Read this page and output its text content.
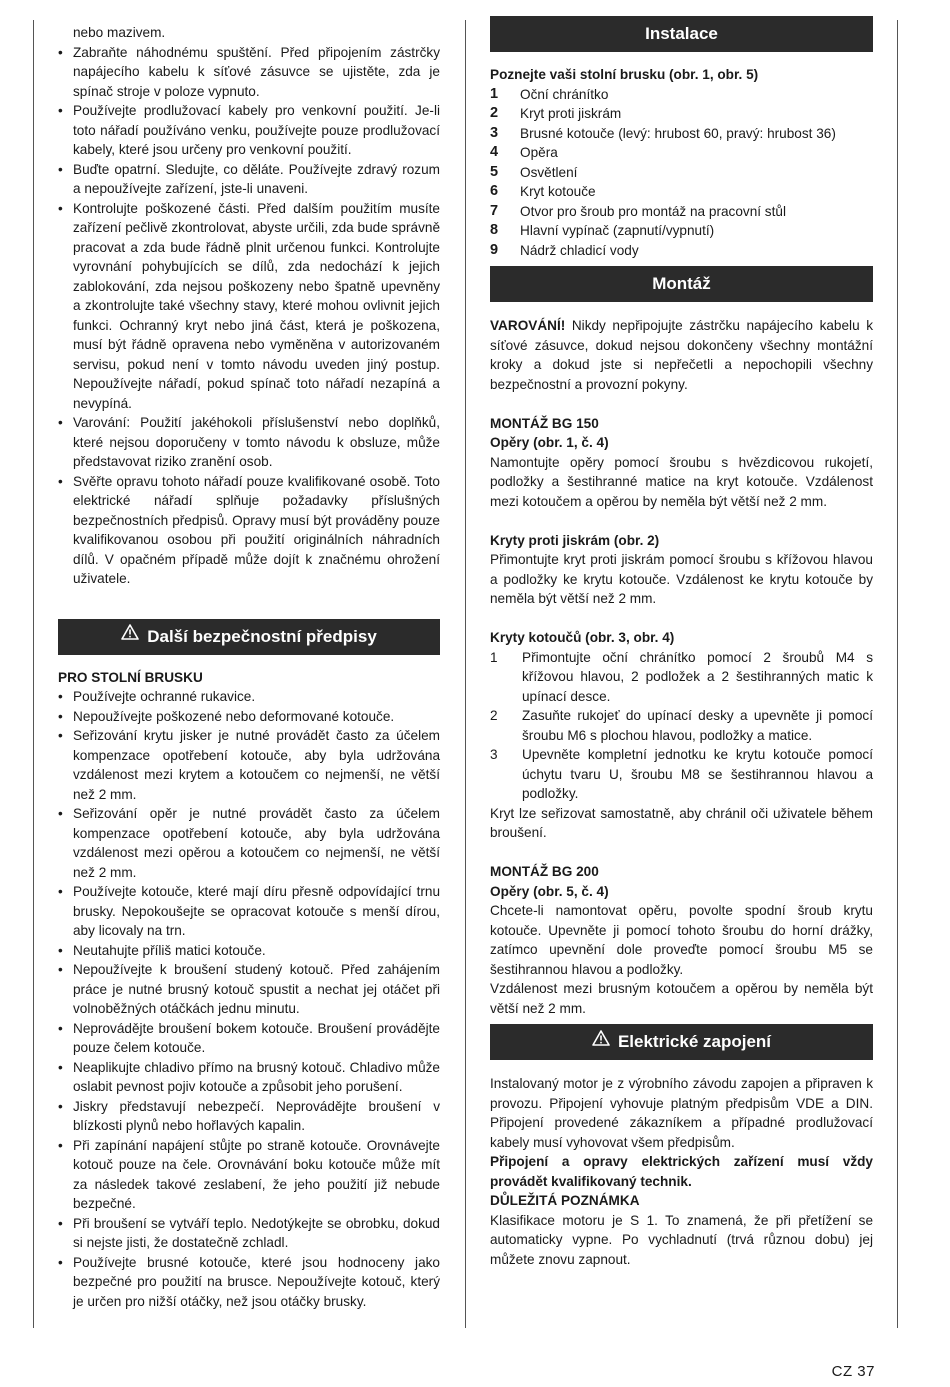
nebo mazivem.
• Zabraňte náhodnému spuštění. Před připojením zástrčky napájecího kabelu k síťové zásuvce se ujistěte, zda je spínač stroje v poloze vypnuto.
• Používejte prodlužovací kabely pro venkovní použití. Je-li toto nářadí používáno venku, používejte pouze prodlužovací kabely, které jsou určeny pro venkovní použití.
• Buďte opatrní. Sledujte, co děláte. Používejte zdravý rozum a nepoužívejte zařízení, jste-li unaveni.
• Kontrolujte poškozené části. Před dalším použitím musíte zařízení pečlivě zkontrolovat, abyste určili, zda bude správně pracovat a zda bude řádně plnit určenou funkci. Kontrolujte vyrovnání pohybujících se dílů, zda nedochází k jejich zablokování, zda nejsou poškozeny nebo špatně upevněny a zkontrolujte také všechny stavy, které mohou ovlivnit jejich funkci. Ochranný kryt nebo jiná část, která je poškozena, musí být řádně opravena nebo vyměněna v autorizovaném servisu, pokud není v tomto návodu uveden jiný postup. Nepoužívejte nářadí, pokud spínač toto nářadí nezapíná a nevypíná.
• Varování: Použití jakéhokoli příslušenství nebo doplňků, které nejsou doporučeny v tomto návodu k obsluze, může představovat riziko zranění osob.
• Svěřte opravu tohoto nářadí pouze kvalifikované osobě. Toto elektrické nářadí splňuje požadavky příslušných bezpečnostních předpisů. Opravy musí být prováděny pouze kvalifikovanou osobou při použití originálních náhradních dílů. V opačném případě může dojít k značnému ohrožení uživatele.
Další bezpečnostní předpisy
PRO STOLNÍ BRUSKU
• Používejte ochranné rukavice.
• Nepoužívejte poškozené nebo deformované kotouče.
• Seřizování krytu jisker je nutné provádět často za účelem kompenzace opotřebení kotouče, aby byla udržována vzdálenost mezi krytem a kotoučem co nejmenší, ne větší než 2 mm.
• Seřizování opěr je nutné provádět často za účelem kompenzace opotřebení kotouče, aby byla udržována vzdálenost mezi opěrou a kotoučem co nejmenší, ne větší než 2 mm.
• Používejte kotouče, které mají díru přesně odpovídající trnu brusky. Nepokoušejte se opracovat kotouče s menší dírou, aby licovaly na trn.
• Neutahujte příliš matici kotouče.
• Nepoužívejte k broušení studený kotouč. Před zahájením práce je nutné brusný kotouč spustit a nechat jej otáčet při volnoběžných otáčkách jednu minutu.
• Neprovádějte broušení bokem kotouče. Broušení provádějte pouze čelem kotouče.
• Neaplikujte chladivo přímo na brusný kotouč. Chladivo může oslabit pevnost pojiv kotouče a způsobit jeho porušení.
• Jiskry představují nebezpečí. Neprovádějte broušení v blízkosti plynů nebo hořlavých kapalin.
• Při zapínání napájení stůjte po straně kotouče. Orovnávejte kotouč pouze na čele. Orovnávání boku kotouče může mít za následek takové zeslabení, že jeho použití již nebude bezpečné.
• Při broušení se vytváří teplo. Nedotýkejte se obrobku, dokud si nejste jisti, že dostatečně zchladl.
• Používejte brusné kotouče, které jsou hodnoceny jako bezpečné pro použití na brusce. Nepoužívejte kotouč, který je určen pro nižší otáčky, než jsou otáčky brusky.
Instalace
Poznejte vaši stolní brusku (obr. 1, obr. 5)
1	Oční chránítko
2	Kryt proti jiskrám
3	Brusné kotouče (levý: hrubost 60, pravý: hrubost 36)
4	Opěra
5	Osvětlení
6	Kryt kotouče
7	Otvor pro šroub pro montáž na pracovní stůl
8	Hlavní vypínač (zapnutí/vypnutí)
9	Nádrž chladicí vody
Montáž

VAROVÁNÍ! Nikdy nepřipojujte zástrčku napájecího kabelu k síťové zásuvce, dokud nejsou dokončeny všechny montážní kroky a dokud jste si nepřečetli a nepochopili všechny bezpečnostní a provozní pokyny.

MONTÁŽ BG 150
Opěry (obr. 1, č. 4)

Namontujte opěry pomocí šroubu s hvězdicovou rukojetí, podložky a šestihranné matice na kryt kotouče. Vzdálenost mezi kotoučem a opěrou by neměla být větší než 2 mm.

Kryty proti jiskrám (obr. 2)

Přimontujte kryt proti jiskrám pomocí šroubu s křížovou hlavou a podložky ke krytu kotouče. Vzdálenost ke krytu kotouče by neměla být větší než 2 mm.

Kryty kotoučů (obr. 3, obr. 4)
1	Přimontujte oční chránítko pomocí 2 šroubů M4 s křížovou hlavou, 2 podložek a 2 šestihranných matic k upínací desce.
2	Zasuňte rukojeť do upínací desky a upevněte ji pomocí šroubu M6 s plochou hlavou, podložky a matice.
3	Upevněte kompletní jednotku ke krytu kotouče pomocí úchytu tvaru U, šroubu M8 se šestihrannou hlavou a podložky.

Kryt lze seřizovat samostatně, aby chránil oči uživatele během broušení.

MONTÁŽ BG 200
Opěry (obr. 5, č. 4)

Chcete-li namontovat opěru, povolte spodní šroub krytu kotouče. Upevněte ji pomocí tohoto šroubu do horní drážky, zatímco upevnění dole proveďte pomocí šroubu M5 se šestihrannou hlavou a podložky.

Vzdálenost mezi brusným kotoučem a opěrou by neměla být větší než 2 mm.

Elektrické zapojení

Instalovaný motor je z výrobního závodu zapojen a připraven k provozu. Připojení vyhovuje platným předpisům VDE a DIN. Připojení provedené zákazníkem a případné prodlužovací kabely musí vyhovovat všem předpisům.

Připojení a opravy elektrických zařízení musí vždy provádět kvalifikovaný technik.

DŮLEŽITÁ POZNÁMKA

Klasifikace motoru je S 1. To znamená, že při přetížení se automaticky vypne. Po vychladnutí (trvá různou dobu) jej můžete znovu zapnout.

CZ 37
